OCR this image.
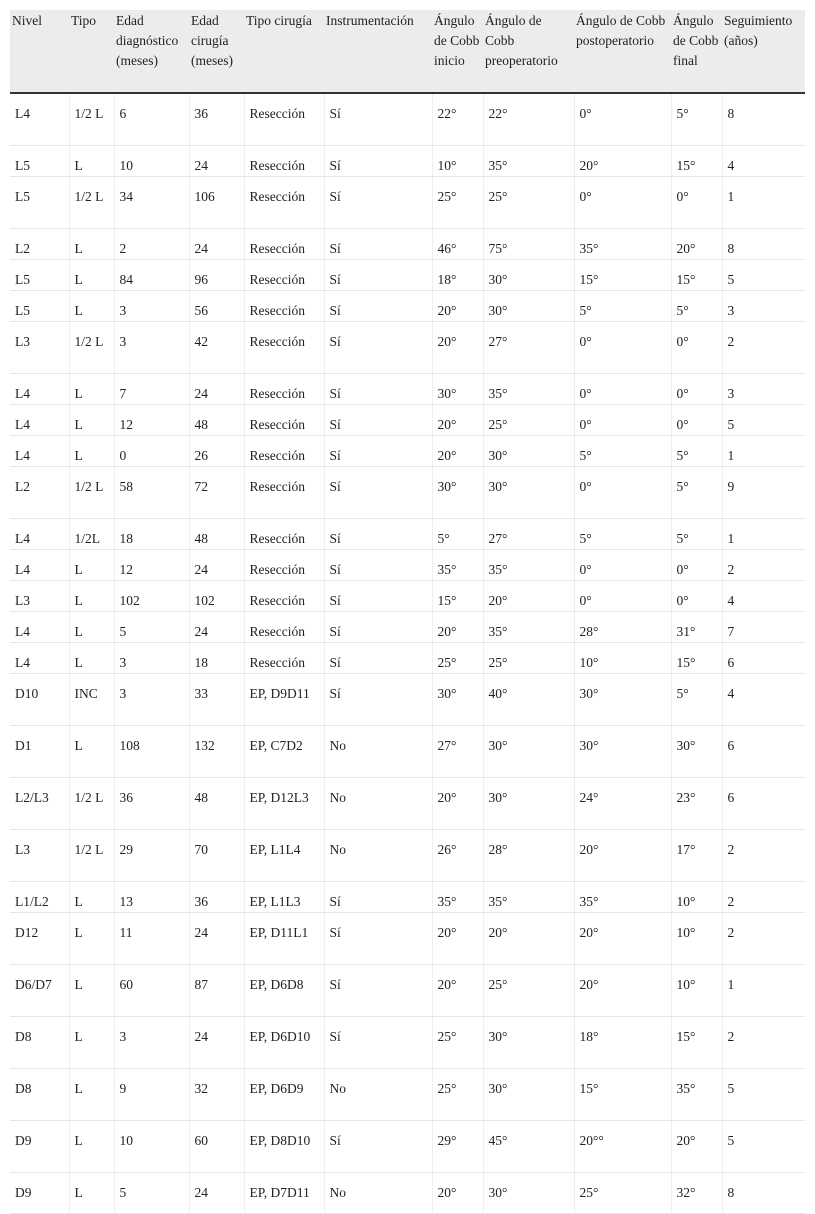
Nivel	Tipo	Edad diagnóstico (meses)	Edad cirugía (meses)	Tipo cirugía	Instrumentación	Ángulo de Cobb inicio	Ángulo de Cobb preoperatorio	Ángulo de Cobb postoperatorio	Ángulo de Cobb final	Seguimiento (años)
L4	1/2 L	6	36	Resección	Sí	22°	22°	0°	5°	8
L5	L	10	24	Resección	Sí	10°	35°	20°	15°	4
L5	1/2 L	34	106	Resección	Sí	25°	25°	0°	0°	1
L2	L	2	24	Resección	Sí	46°	75°	35°	20°	8
L5	L	84	96	Resección	Sí	18°	30°	15°	15°	5
L5	L	3	56	Resección	Sí	20°	30°	5°	5°	3
L3	1/2 L	3	42	Resección	Sí	20°	27°	0°	0°	2
L4	L	7	24	Resección	Sí	30°	35°	0°	0°	3
L4	L	12	48	Resección	Sí	20°	25°	0°	0°	5
L4	L	0	26	Resección	Sí	20°	30°	5°	5°	1
L2	1/2 L	58	72	Resección	Sí	30°	30°	0°	5°	9
L4	1/2L	18	48	Resección	Sí	5°	27°	5°	5°	1
L4	L	12	24	Resección	Sí	35°	35°	0°	0°	2
L3	L	102	102	Resección	Sí	15°	20°	0°	0°	4
L4	L	5	24	Resección	Sí	20°	35°	28°	31°	7
L4	L	3	18	Resección	Sí	25°	25°	10°	15°	6
D10	INC	3	33	EP, D9D11	Sí	30°	40°	30°	5°	4
D1	L	108	132	EP, C7D2	No	27°	30°	30°	30°	6
L2/L3	1/2 L	36	48	EP, D12L3	No	20°	30°	24°	23°	6
L3	1/2 L	29	70	EP, L1L4	No	26°	28°	20°	17°	2
L1/L2	L	13	36	EP, L1L3	Sí	35°	35°	35°	10°	2
D12	L	11	24	EP, D11L1	Sí	20°	20°	20°	10°	2
D6/D7	L	60	87	EP, D6D8	Sí	20°	25°	20°	10°	1
D8	L	3	24	EP, D6D10	Sí	25°	30°	18°	15°	2
D8	L	9	32	EP, D6D9	No	25°	30°	15°	35°	5
D9	L	10	60	EP, D8D10	Sí	29°	45°	20°°	20°	5
D9	L	5	24	EP, D7D11	No	20°	30°	25°	32°	8
